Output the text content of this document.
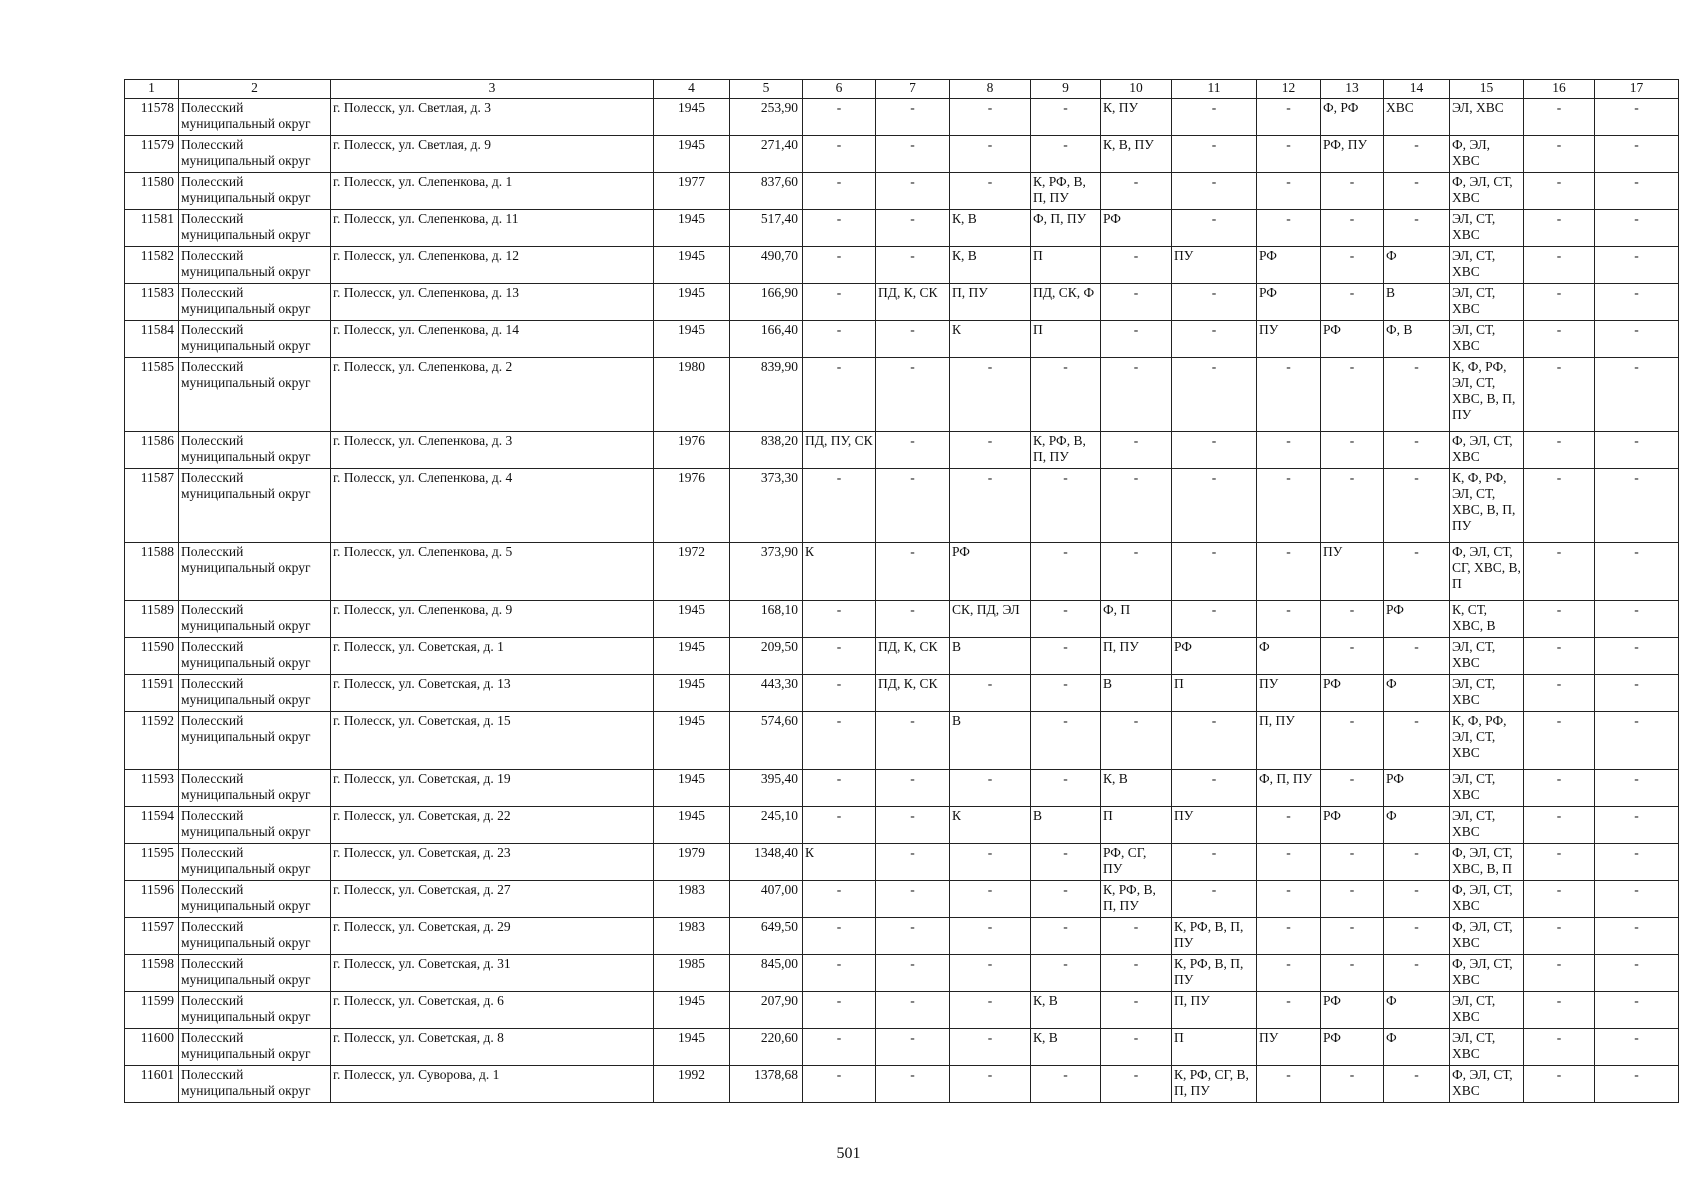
1	2	3	4	5	6	7	8	9	10	11	12	13	14	15	16	17
11578	Полесский муниципальный округ	г. Полесск, ул. Светлая, д. 3	1945	253,90	-	-	-	-	К, ПУ	-	-	Ф, РФ	ХВС	ЭЛ, ХВС	-	-
11579	Полесский муниципальный округ	г. Полесск, ул. Светлая, д. 9	1945	271,40	-	-	-	-	К, В, ПУ	-	-	РФ, ПУ	-	Ф, ЭЛ, ХВС	-	-
11580	Полесский муниципальный округ	г. Полесск, ул. Слепенкова, д. 1	1977	837,60	-	-	-	К, РФ, В, П, ПУ	-	-	-	-	-	Ф, ЭЛ, СТ, ХВС	-	-
11581	Полесский муниципальный округ	г. Полесск, ул. Слепенкова, д. 11	1945	517,40	-	-	К, В	Ф, П, ПУ	РФ	-	-	-	-	ЭЛ, СТ, ХВС	-	-
11582	Полесский муниципальный округ	г. Полесск, ул. Слепенкова, д. 12	1945	490,70	-	-	К, В	П	-	ПУ	РФ	-	Ф	ЭЛ, СТ, ХВС	-	-
11583	Полесский муниципальный округ	г. Полесск, ул. Слепенкова, д. 13	1945	166,90	-	ПД, К, СК	П, ПУ	ПД, СК, Ф	-	-	РФ	-	В	ЭЛ, СТ, ХВС	-	-
11584	Полесский муниципальный округ	г. Полесск, ул. Слепенкова, д. 14	1945	166,40	-	-	К	П	-	-	ПУ	РФ	Ф, В	ЭЛ, СТ, ХВС	-	-
11585	Полесский муниципальный округ	г. Полесск, ул. Слепенкова, д. 2	1980	839,90	-	-	-	-	-	-	-	-	-	К, Ф, РФ, ЭЛ, СТ, ХВС, В, П, ПУ	-	-
11586	Полесский муниципальный округ	г. Полесск, ул. Слепенкова, д. 3	1976	838,20	ПД, ПУ, СК	-	-	К, РФ, В, П, ПУ	-	-	-	-	-	Ф, ЭЛ, СТ, ХВС	-	-
11587	Полесский муниципальный округ	г. Полесск, ул. Слепенкова, д. 4	1976	373,30	-	-	-	-	-	-	-	-	-	К, Ф, РФ, ЭЛ, СТ, ХВС, В, П, ПУ	-	-
11588	Полесский муниципальный округ	г. Полесск, ул. Слепенкова, д. 5	1972	373,90	К	-	РФ	-	-	-	-	ПУ	-	Ф, ЭЛ, СТ, СГ, ХВС, В, П	-	-
11589	Полесский муниципальный округ	г. Полесск, ул. Слепенкова, д. 9	1945	168,10	-	-	СК, ПД, ЭЛ	-	Ф, П	-	-	-	РФ	К, СТ, ХВС, В	-	-
11590	Полесский муниципальный округ	г. Полесск, ул. Советская, д. 1	1945	209,50	-	ПД, К, СК	В	-	П, ПУ	РФ	Ф	-	-	ЭЛ, СТ, ХВС	-	-
11591	Полесский муниципальный округ	г. Полесск, ул. Советская, д. 13	1945	443,30	-	ПД, К, СК	-	-	В	П	ПУ	РФ	Ф	ЭЛ, СТ, ХВС	-	-
11592	Полесский муниципальный округ	г. Полесск, ул. Советская, д. 15	1945	574,60	-	-	В	-	-	-	П, ПУ	-	-	К, Ф, РФ, ЭЛ, СТ, ХВС	-	-
11593	Полесский муниципальный округ	г. Полесск, ул. Советская, д. 19	1945	395,40	-	-	-	-	К, В	-	Ф, П, ПУ	-	РФ	ЭЛ, СТ, ХВС	-	-
11594	Полесский муниципальный округ	г. Полесск, ул. Советская, д. 22	1945	245,10	-	-	К	В	П	ПУ	-	РФ	Ф	ЭЛ, СТ, ХВС	-	-
11595	Полесский муниципальный округ	г. Полесск, ул. Советская, д. 23	1979	1348,40	К	-	-	-	РФ, СГ, ПУ	-	-	-	-	Ф, ЭЛ, СТ, ХВС, В, П	-	-
11596	Полесский муниципальный округ	г. Полесск, ул. Советская, д. 27	1983	407,00	-	-	-	-	К, РФ, В, П, ПУ	-	-	-	-	Ф, ЭЛ, СТ, ХВС	-	-
11597	Полесский муниципальный округ	г. Полесск, ул. Советская, д. 29	1983	649,50	-	-	-	-	-	К, РФ, В, П, ПУ	-	-	-	Ф, ЭЛ, СТ, ХВС	-	-
11598	Полесский муниципальный округ	г. Полесск, ул. Советская, д. 31	1985	845,00	-	-	-	-	-	К, РФ, В, П, ПУ	-	-	-	Ф, ЭЛ, СТ, ХВС	-	-
11599	Полесский муниципальный округ	г. Полесск, ул. Советская, д. 6	1945	207,90	-	-	-	К, В	-	П, ПУ	-	РФ	Ф	ЭЛ, СТ, ХВС	-	-
11600	Полесский муниципальный округ	г. Полесск, ул. Советская, д. 8	1945	220,60	-	-	-	К, В	-	П	ПУ	РФ	Ф	ЭЛ, СТ, ХВС	-	-
11601	Полесский муниципальный округ	г. Полесск, ул. Суворова, д. 1	1992	1378,68	-	-	-	-	-	К, РФ, СГ, В, П, ПУ	-	-	-	Ф, ЭЛ, СТ, ХВС	-	-
501
